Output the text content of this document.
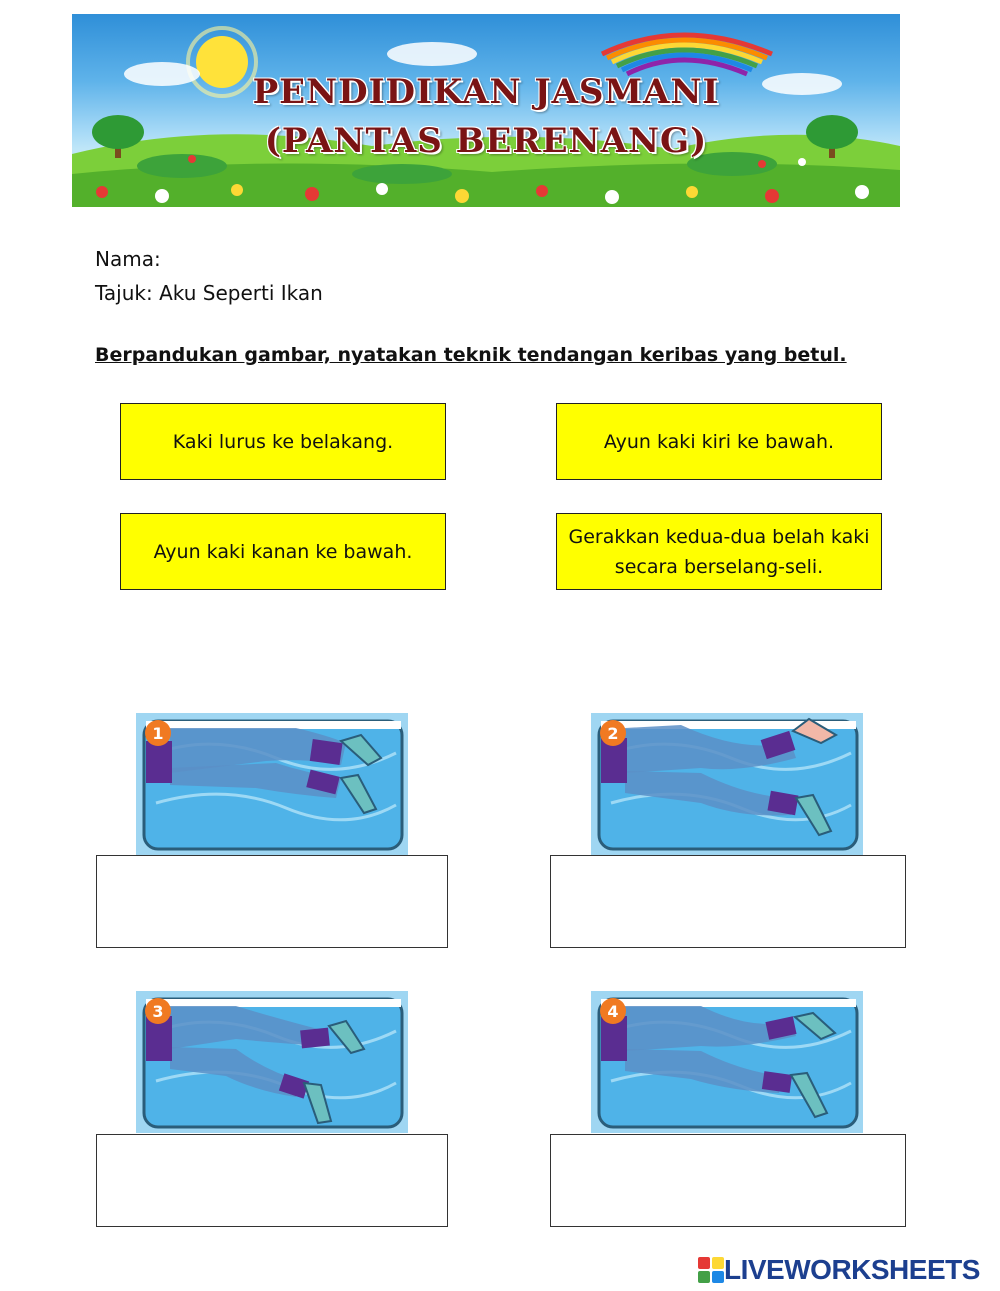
PENDIDIKAN JASMANI
(PANTAS BERENANG)
Nama:
Tajuk: Aku Seperti Ikan
Berpandukan gambar, nyatakan teknik tendangan keribas yang betul.
Kaki lurus ke belakang.	Ayun kaki kiri ke bawah.
Ayun kaki kanan ke bawah.
Gerakkan kedua-dua belah kaki secara berselang-seli.
1	2
3	4
LIVEWORKSHEETS
